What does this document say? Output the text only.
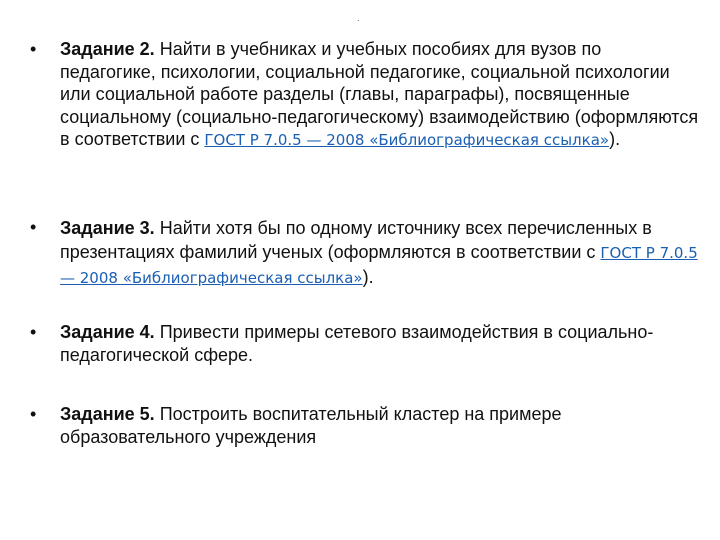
.
• Задание 2. Найти в учебниках и учебных пособиях для вузов по педагогике, психологии, социальной педагогике, социальной психологии или социальной работе разделы (главы, параграфы), посвященные социальному (социально-педагогическому) взаимодействию (оформляются в соответствии с ГОСТ Р 7.0.5 — 2008 «Библиографическая ссылка»).

• Задание 3. Найти хотя бы по одному источнику всех перечисленных в презентациях фамилий ученых (оформляются в соответствии с ГОСТ Р 7.0.5 — 2008 «Библиографическая ссылка»).

• Задание 4. Привести примеры сетевого взаимодействия в социально-педагогической сфере.

• Задание 5. Построить воспитательный кластер на примере образовательного учреждения
